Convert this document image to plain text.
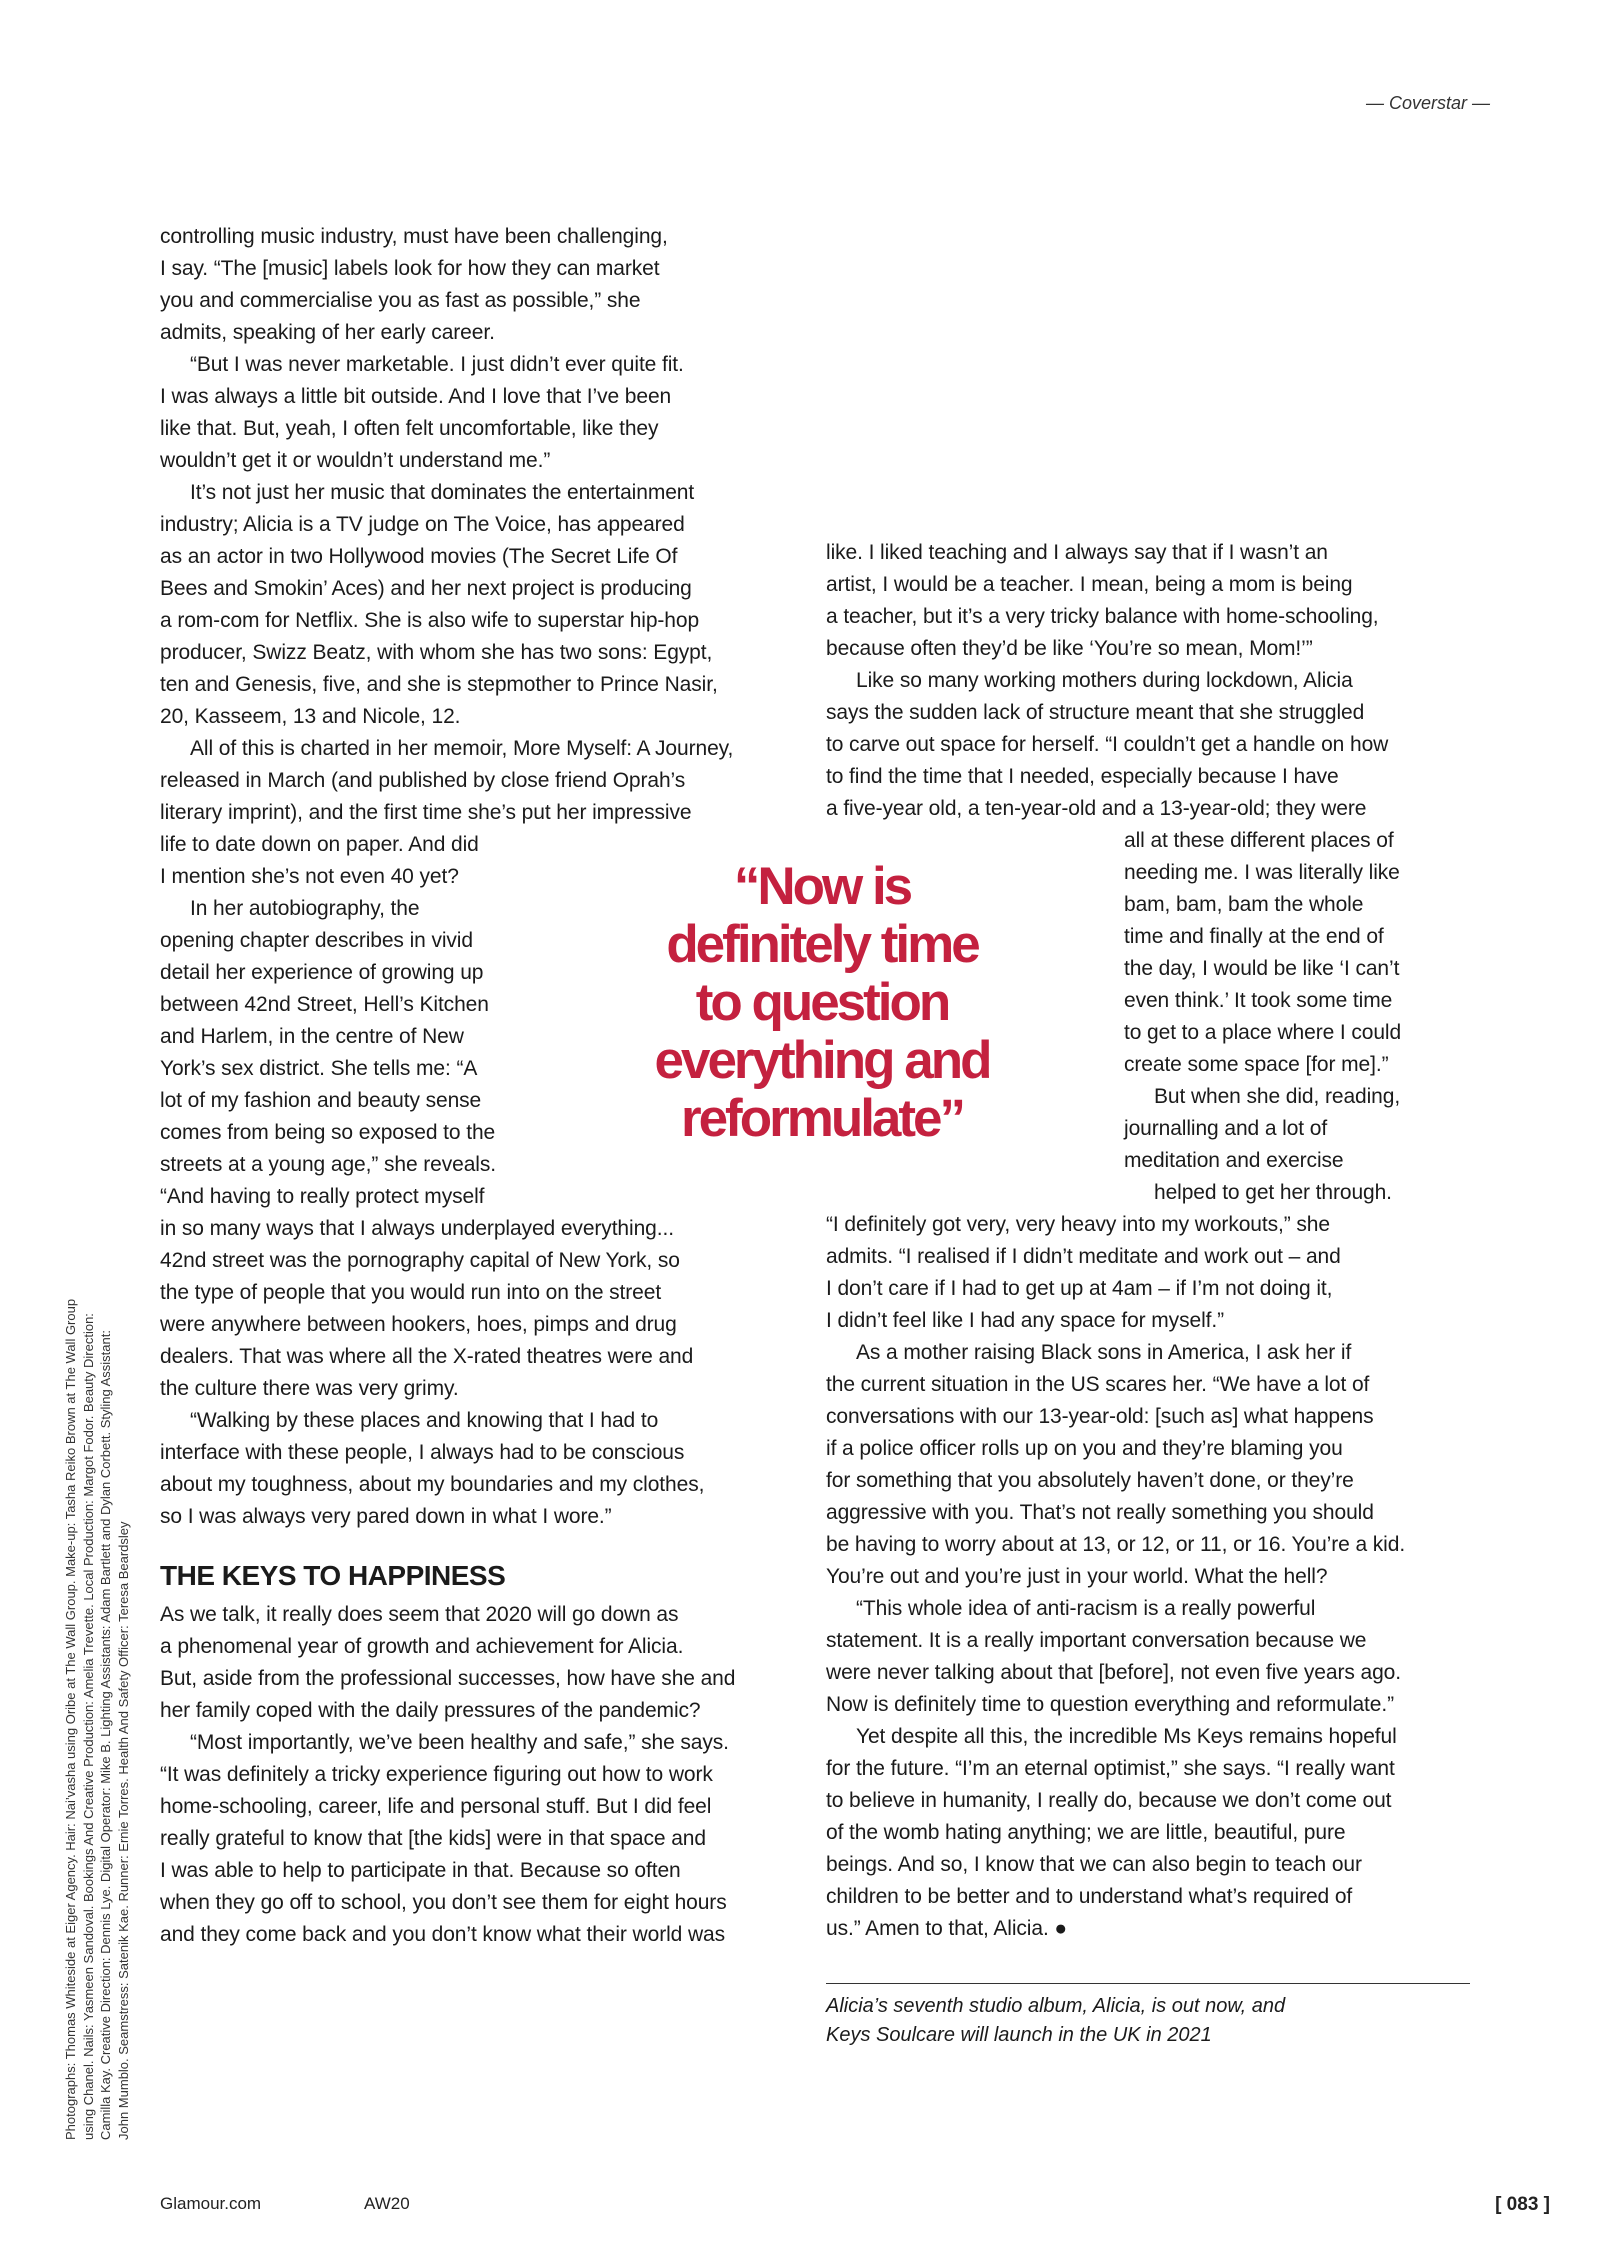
— Coverstar —
Photographs: Thomas Whiteside at Eiger Agency. Hair: Nai’vasha using Oribe at The Wall Group. Make-up: Tasha Reiko Brown at The Wall Group using Chanel. Nails: Yasmeen Sandoval. Bookings And Creative Production: Amelia Trevette. Local Production: Margot Fodor. Beauty Direction: Camilla Kay. Creative Direction: Dennis Lye. Digital Operator: Mike B. Lighting Assistants: Adam Bartlett and Dylan Corbett. Styling Assistant: John Mumblo. Seamstress: Satenik Kae. Runner: Ernie Torres. Health And Safety Officer: Teresa Beardsley
controlling music industry, must have been challenging,
I say. “The [music] labels look for how they can market
you and commercialise you as fast as possible,” she
admits, speaking of her early career.
“But I was never marketable. I just didn’t ever quite fit.
I was always a little bit outside. And I love that I’ve been
like that. But, yeah, I often felt uncomfortable, like they
wouldn’t get it or wouldn’t understand me.”
It’s not just her music that dominates the entertainment
industry; Alicia is a TV judge on The Voice, has appeared
as an actor in two Hollywood movies (The Secret Life Of
Bees and Smokin’ Aces) and her next project is producing
a rom-com for Netflix. She is also wife to superstar hip-hop
producer, Swizz Beatz, with whom she has two sons: Egypt,
ten and Genesis, five, and she is stepmother to Prince Nasir,
20, Kasseem, 13 and Nicole, 12.
All of this is charted in her memoir, More Myself: A Journey,
released in March (and published by close friend Oprah’s
literary imprint), and the first time she’s put her impressive
life to date down on paper. And did
I mention she’s not even 40 yet?
In her autobiography, the
opening chapter describes in vivid
detail her experience of growing up
between 42nd Street, Hell’s Kitchen
and Harlem, in the centre of New
York’s sex district. She tells me: “A
lot of my fashion and beauty sense
comes from being so exposed to the
streets at a young age,” she reveals.
“And having to really protect myself
in so many ways that I always underplayed everything...
42nd street was the pornography capital of New York, so
the type of people that you would run into on the street
were anywhere between hookers, hoes, pimps and drug
dealers. That was where all the X-rated theatres were and
the culture there was very grimy.
“Walking by these places and knowing that I had to
interface with these people, I always had to be conscious
about my toughness, about my boundaries and my clothes,
so I was always very pared down in what I wore.”
THE KEYS TO HAPPINESS
As we talk, it really does seem that 2020 will go down as
a phenomenal year of growth and achievement for Alicia.
But, aside from the professional successes, how have she and
her family coped with the daily pressures of the pandemic?
“Most importantly, we’ve been healthy and safe,” she says.
“It was definitely a tricky experience figuring out how to work
home-schooling, career, life and personal stuff. But I did feel
really grateful to know that [the kids] were in that space and
I was able to help to participate in that. Because so often
when they go off to school, you don’t see them for eight hours
and they come back and you don’t know what their world was
like. I liked teaching and I always say that if I wasn’t an
artist, I would be a teacher. I mean, being a mom is being
a teacher, but it’s a very tricky balance with home-schooling,
because often they’d be like ‘You’re so mean, Mom!’”
Like so many working mothers during lockdown, Alicia
says the sudden lack of structure meant that she struggled
to carve out space for herself. “I couldn’t get a handle on how
to find the time that I needed, especially because I have
a five-year old, a ten-year-old and a 13-year-old; they were
all at these different places of
needing me. I was literally like
bam, bam, bam the whole
time and finally at the end of
the day, I would be like ‘I can’t
even think.’ It took some time
to get to a place where I could
create some space [for me].”
But when she did, reading,
journalling and a lot of
meditation and exercise
helped to get her through.
“I definitely got very, very heavy into my workouts,” she
admits. “I realised if I didn’t meditate and work out – and
I don’t care if I had to get up at 4am – if I’m not doing it,
I didn’t feel like I had any space for myself.”
As a mother raising Black sons in America, I ask her if
the current situation in the US scares her. “We have a lot of
conversations with our 13-year-old: [such as] what happens
if a police officer rolls up on you and they’re blaming you
for something that you absolutely haven’t done, or they’re
aggressive with you. That’s not really something you should
be having to worry about at 13, or 12, or 11, or 16. You’re a kid.
You’re out and you’re just in your world. What the hell?
“This whole idea of anti-racism is a really powerful
statement. It is a really important conversation because we
were never talking about that [before], not even five years ago.
Now is definitely time to question everything and reformulate.”
Yet despite all this, the incredible Ms Keys remains hopeful
for the future. “I’m an eternal optimist,” she says. “I really want
to believe in humanity, I really do, because we don’t come out
of the womb hating anything; we are little, beautiful, pure
beings. And so, I know that we can also begin to teach our
children to be better and to understand what’s required of
us.” Amen to that, Alicia. ●
“Now is
definitely time
to question
everything and
reformulate”
Alicia’s seventh studio album, Alicia, is out now, and
Keys Soulcare will launch in the UK in 2021
Glamour.com	AW20	[ 083 ]
